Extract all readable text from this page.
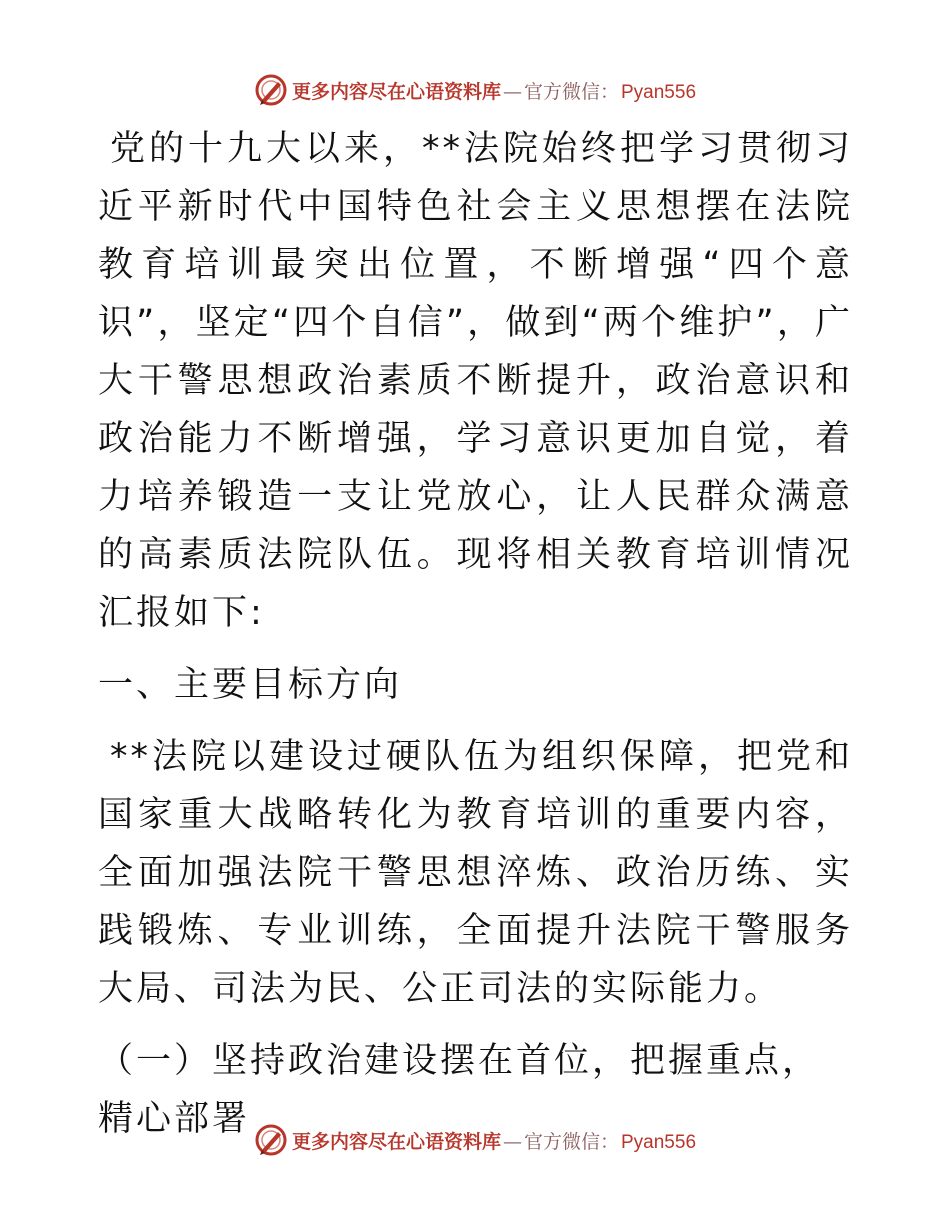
更多内容尽在心语资料库 — 官方微信： Pyan556

党的十九大以来，**法院始终把学习贯彻习近平新时代中国特色社会主义思想摆在法院教育培训最突出位置，不断增强“四个意识”，坚定“四个自信”，做到“两个维护”，广大干警思想政治素质不断提升，政治意识和政治能力不断增强，学习意识更加自觉，着力培养锻造一支让党放心，让人民群众满意的高素质法院队伍。现将相关教育培训情况汇报如下:

一、主要目标方向

**法院以建设过硬队伍为组织保障，把党和国家重大战略转化为教育培训的重要内容，全面加强法院干警思想淬炼、政治历练、实践锻炼、专业训练，全面提升法院干警服务大局、司法为民、公正司法的实际能力。

（一）坚持政治建设摆在首位，把握重点，精心部署

更多内容尽在心语资料库 — 官方微信： Pyan556
